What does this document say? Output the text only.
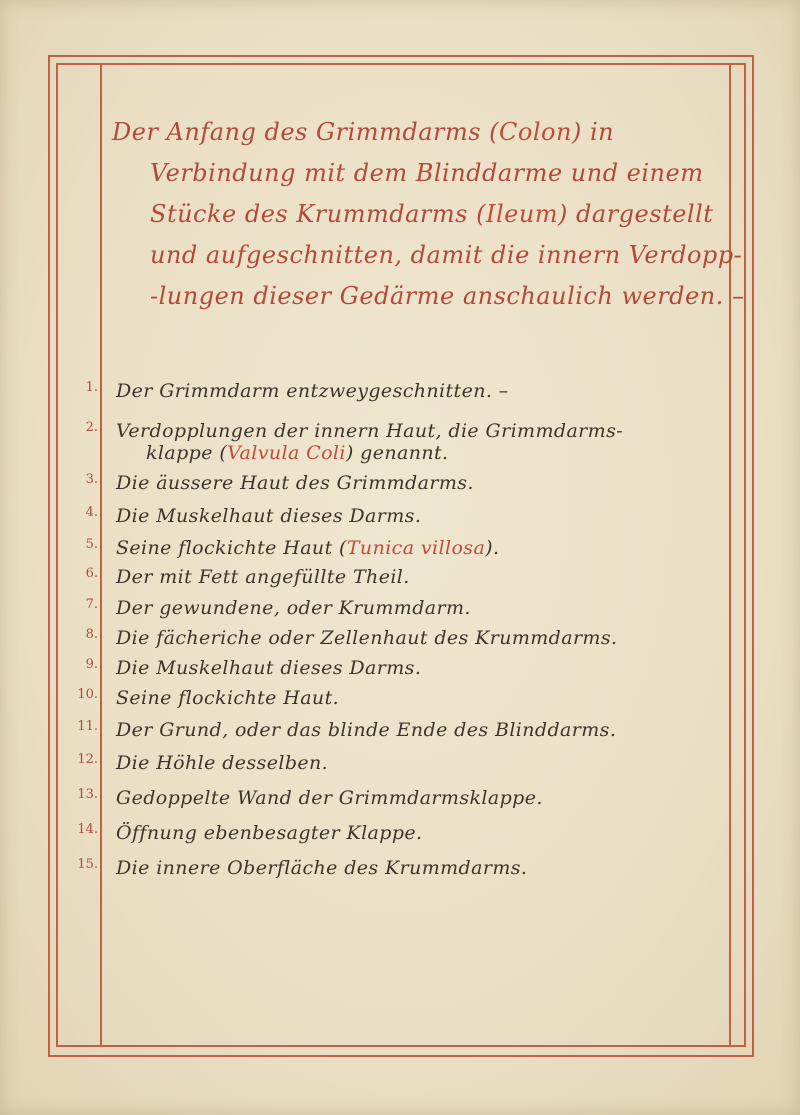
Der Anfang des Grimmdarms (Colon) in
Verbindung mit dem Blinddarme und einem
Stücke des Krummdarms (Ileum) dargestellt
und aufgeschnitten, damit die innern Verdopp-
-lungen dieser Gedärme anschaulich werden. –
1. Der Grimmdarm entzweygeschnitten. –
2. Verdopplungen der innern Haut, die Grimmdarms-
klappe (Valvula Coli) genannt.
3. Die äussere Haut des Grimmdarms.
4. Die Muskelhaut dieses Darms.
5. Seine flockichte Haut (Tunica villosa).
6. Der mit Fett angefüllte Theil.
7. Der gewundene, oder Krummdarm.
8. Die fächeriche oder Zellenhaut des Krummdarms.
9. Die Muskelhaut dieses Darms.
10. Seine flockichte Haut.
11. Der Grund, oder das blinde Ende des Blinddarms.
12. Die Höhle desselben.
13. Gedoppelte Wand der Grimmdarmsklappe.
14. Öffnung ebenbesagter Klappe.
15. Die innere Oberfläche des Krummdarms.
